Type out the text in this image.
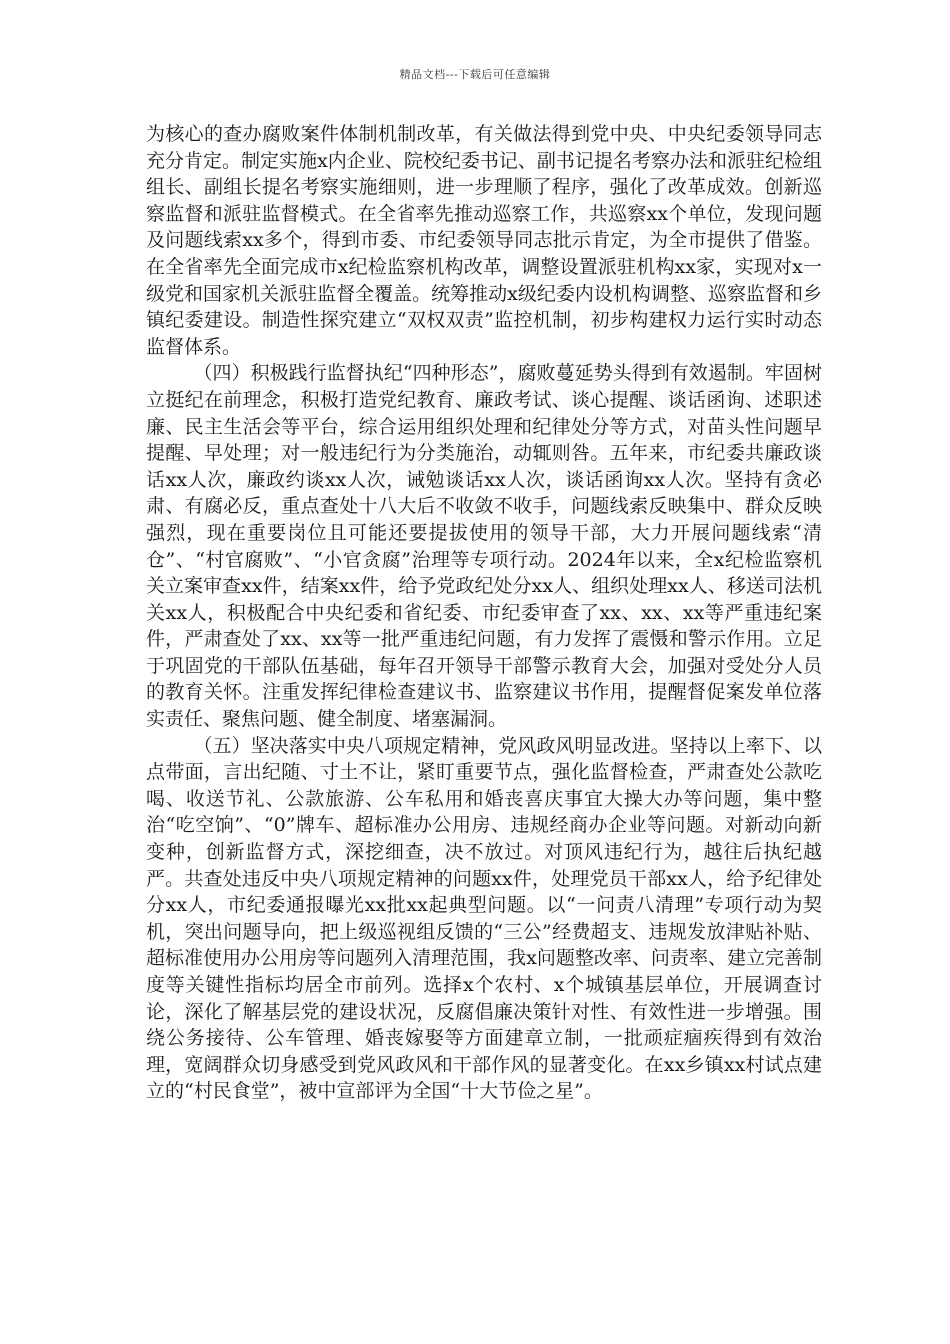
精品文档---下载后可任意编辑

为核心的查办腐败案件体制机制改革，有关做法得到党中央、中央纪委领导同志充分肯定。制定实施x内企业、院校纪委书记、副书记提名考察办法和派驻纪检组组长、副组长提名考察实施细则，进一步理顺了程序，强化了改革成效。创新巡察监督和派驻监督模式。在全省率先推动巡察工作，共巡察xx个单位，发现问题及问题线索xx多个，得到市委、市纪委领导同志批示肯定，为全市提供了借鉴。在全省率先全面完成市x纪检监察机构改革，调整设置派驻机构xx家，实现对x一级党和国家机关派驻监督全覆盖。统筹推动x级纪委内设机构调整、巡察监督和乡镇纪委建设。制造性探究建立“双权双责”监控机制，初步构建权力运行实时动态监督体系。

（四）积极践行监督执纪“四种形态”，腐败蔓延势头得到有效遏制。牢固树立挺纪在前理念，积极打造党纪教育、廉政考试、谈心提醒、谈话函询、述职述廉、民主生活会等平台，综合运用组织处理和纪律处分等方式，对苗头性问题早提醒、早处理；对一般违纪行为分类施治，动辄则咎。五年来，市纪委共廉政谈话xx人次，廉政约谈xx人次，诫勉谈话xx人次，谈话函询xx人次。坚持有贪必肃、有腐必反，重点查处十八大后不收敛不收手，问题线索反映集中、群众反映强烈，现在重要岗位且可能还要提拔使用的领导干部，大力开展问题线索“清仓”、“村官腐败”、“小官贪腐”治理等专项行动。2024年以来，全x纪检监察机关立案审查xx件，结案xx件，给予党政纪处分xx人、组织处理xx人、移送司法机关xx人，积极配合中央纪委和省纪委、市纪委审查了xx、xx、xx等严重违纪案件，严肃查处了xx、xx等一批严重违纪问题，有力发挥了震慑和警示作用。立足于巩固党的干部队伍基础，每年召开领导干部警示教育大会，加强对受处分人员的教育关怀。注重发挥纪律检查建议书、监察建议书作用，提醒督促案发单位落实责任、聚焦问题、健全制度、堵塞漏洞。

（五）坚决落实中央八项规定精神，党风政风明显改进。坚持以上率下、以点带面，言出纪随、寸土不让，紧盯重要节点，强化监督检查，严肃查处公款吃喝、收送节礼、公款旅游、公车私用和婚丧喜庆事宜大操大办等问题，集中整治“吃空饷”、“0”牌车、超标准办公用房、违规经商办企业等问题。对新动向新变种，创新监督方式，深挖细查，决不放过。对顶风违纪行为，越往后执纪越严。共查处违反中央八项规定精神的问题xx件，处理党员干部xx人，给予纪律处分xx人，市纪委通报曝光xx批xx起典型问题。以“一问责八清理”专项行动为契机，突出问题导向，把上级巡视组反馈的“三公”经费超支、违规发放津贴补贴、超标准使用办公用房等问题列入清理范围，我x问题整改率、问责率、建立完善制度等关键性指标均居全市前列。选择x个农村、x个城镇基层单位，开展调查讨论，深化了解基层党的建设状况，反腐倡廉决策针对性、有效性进一步增强。围绕公务接待、公车管理、婚丧嫁娶等方面建章立制，一批顽症痼疾得到有效治理，宽阔群众切身感受到党风政风和干部作风的显著变化。在xx乡镇xx村试点建立的“村民食堂”，被中宣部评为全国“十大节俭之星”。
